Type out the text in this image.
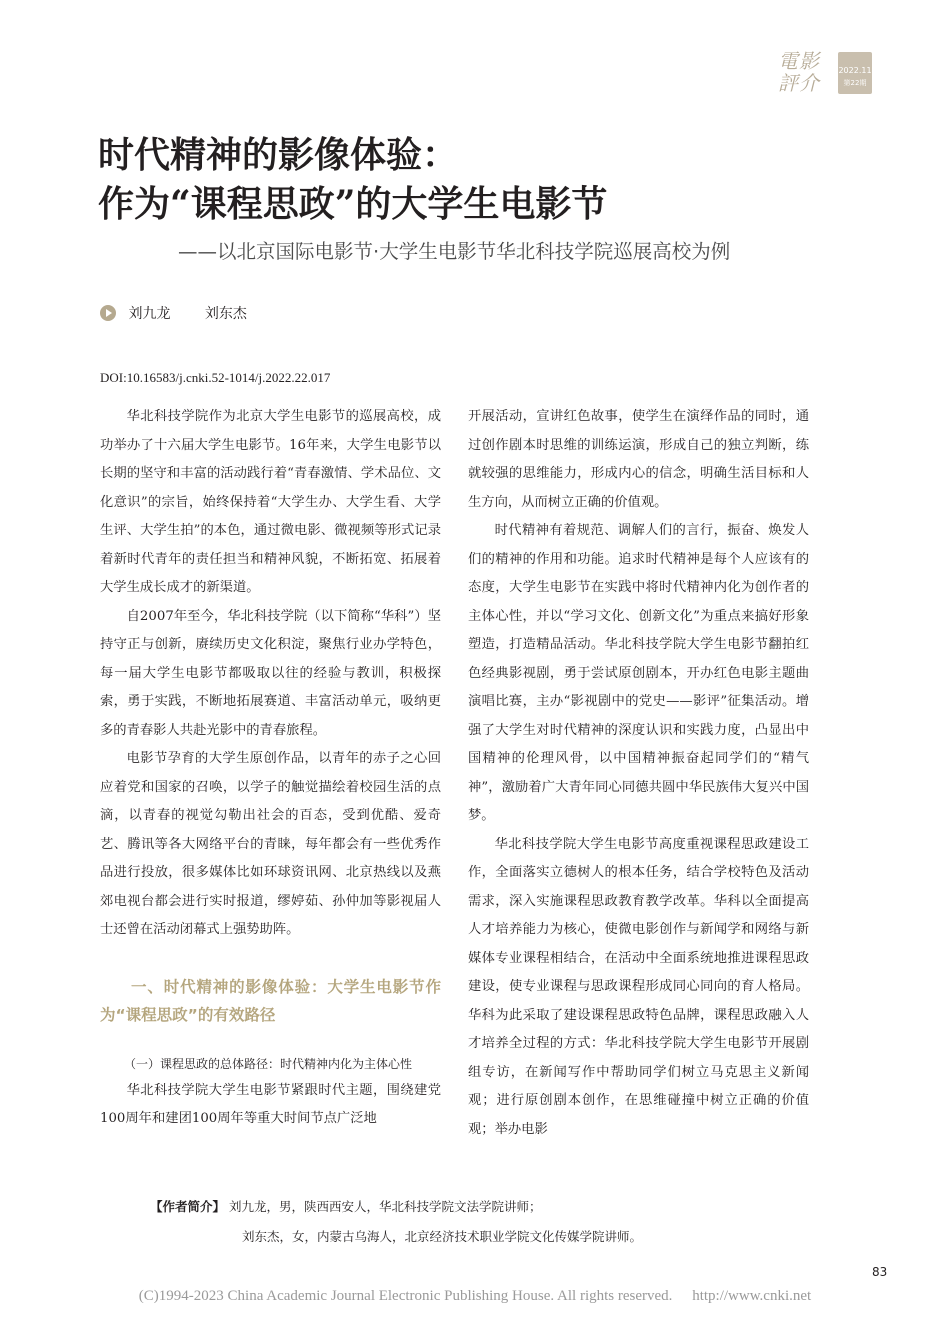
電影評介
2022.11
第22期
时代精神的影像体验：
作为“课程思政”的大学生电影节
——以北京国际电影节·大学生电影节华北科技学院巡展高校为例
刘九龙 刘东杰
DOI:10.16583/j.cnki.52-1014/j.2022.22.017

华北科技学院作为北京大学生电影节的巡展高校，成功举办了十六届大学生电影节。16年来，大学生电影节以长期的坚守和丰富的活动践行着“青春激情、学术品位、文化意识”的宗旨，始终保持着“大学生办、大学生看、大学生评、大学生拍”的本色，通过微电影、微视频等形式记录着新时代青年的责任担当和精神风貌，不断拓宽、拓展着大学生成长成才的新渠道。

自2007年至今，华北科技学院（以下简称“华科”）坚持守正与创新，赓续历史文化积淀，聚焦行业办学特色，每一届大学生电影节都吸取以往的经验与教训，积极探索，勇于实践，不断地拓展赛道、丰富活动单元，吸纳更多的青春影人共赴光影中的青春旅程。

电影节孕育的大学生原创作品，以青年的赤子之心回应着党和国家的召唤，以学子的触觉描绘着校园生活的点滴，以青春的视觉勾勒出社会的百态，受到优酷、爱奇艺、腾讯等各大网络平台的青睐，每年都会有一些优秀作品进行投放，很多媒体比如环球资讯网、北京热线以及燕郊电视台都会进行实时报道，缪婷茹、孙仲加等影视届人士还曾在活动闭幕式上强势助阵。

一、时代精神的影像体验：大学生电影节作为“课程思政”的有效路径
（一）课程思政的总体路径：时代精神内化为主体心性

华北科技学院大学生电影节紧跟时代主题，围绕建党100周年和建团100周年等重大时间节点广泛地

开展活动，宣讲红色故事，使学生在演绎作品的同时，通过创作剧本时思维的训练运演，形成自己的独立判断，练就较强的思维能力，形成内心的信念，明确生活目标和人生方向，从而树立正确的价值观。

时代精神有着规范、调解人们的言行，振奋、焕发人们的精神的作用和功能。追求时代精神是每个人应该有的态度，大学生电影节在实践中将时代精神内化为创作者的主体心性，并以“学习文化、创新文化”为重点来搞好形象塑造，打造精品活动。华北科技学院大学生电影节翻拍红色经典影视剧，勇于尝试原创剧本，开办红色电影主题曲演唱比赛，主办“影视剧中的党史——影评”征集活动。增强了大学生对时代精神的深度认识和实践力度，凸显出中国精神的伦理风骨，以中国精神振奋起同学们的“精气神”，激励着广大青年同心同德共圆中华民族伟大复兴中国梦。

华北科技学院大学生电影节高度重视课程思政建设工作，全面落实立德树人的根本任务，结合学校特色及活动需求，深入实施课程思政教育教学改革。华科以全面提高人才培养能力为核心，使微电影创作与新闻学和网络与新媒体专业课程相结合，在活动中全面系统地推进课程思政建设，使专业课程与思政课程形成同心同向的育人格局。华科为此采取了建设课程思政特色品牌，课程思政融入人才培养全过程的方式：华北科技学院大学生电影节开展剧组专访，在新闻写作中帮助同学们树立马克思主义新闻观；进行原创剧本创作，在思维碰撞中树立正确的价值观；举办电影

【作者简介】 刘九龙，男，陕西西安人，华北科技学院文法学院讲师；
刘东杰，女，内蒙古乌海人，北京经济技术职业学院文化传媒学院讲师。
83
(C)1994-2023 China Academic Journal Electronic Publishing House. All rights reserved. http://www.cnki.net
